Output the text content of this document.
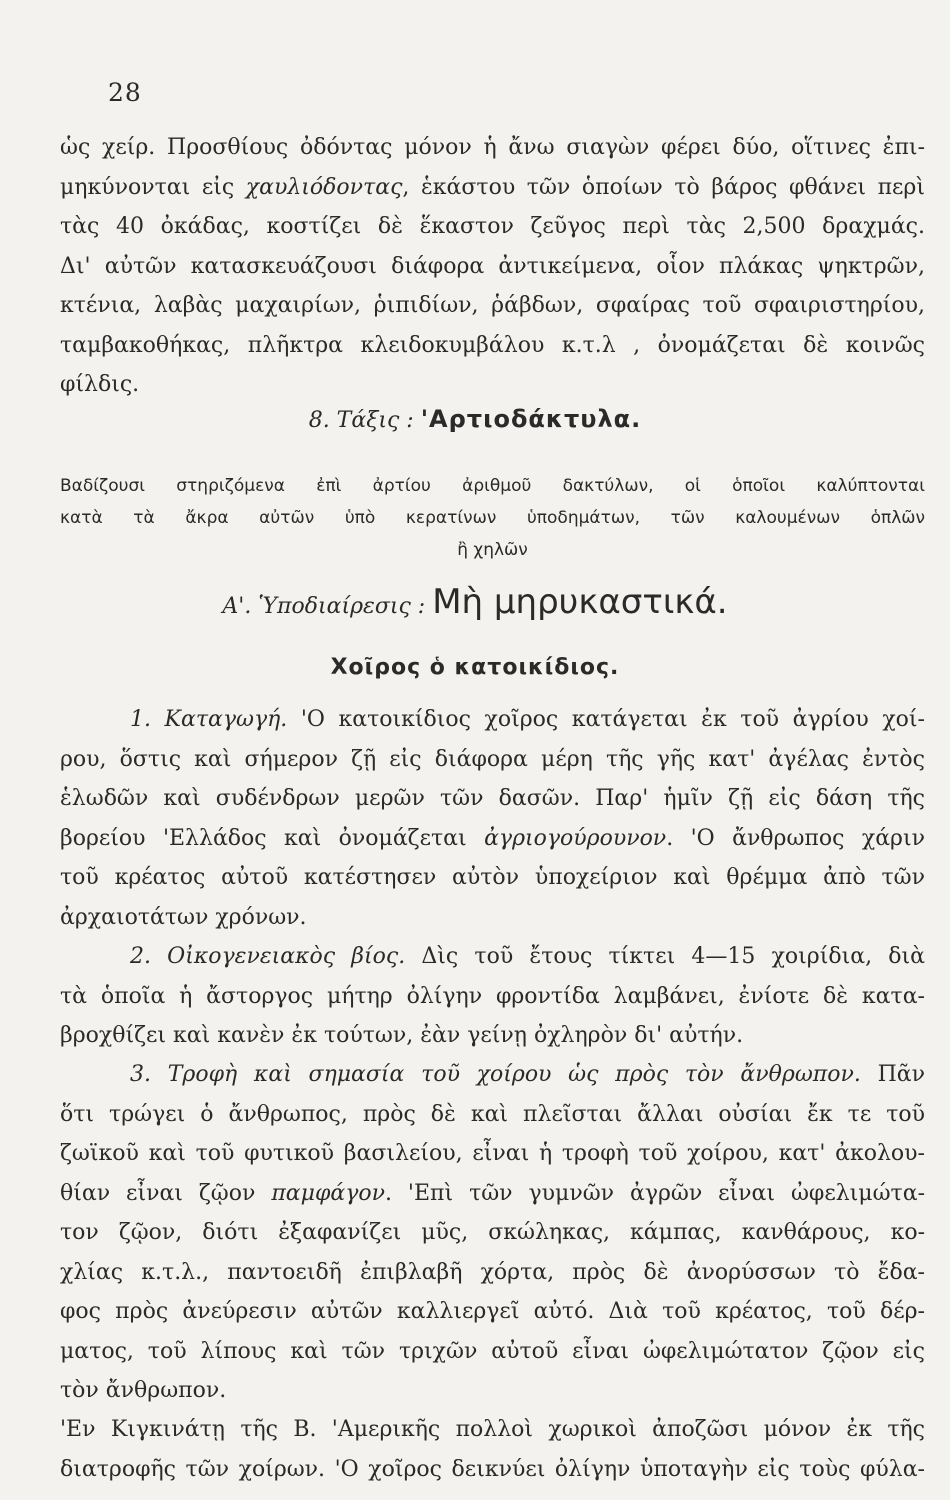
28
ὡς χείρ. Προσθίους ὀδόντας μόνον ἡ ἄνω σιαγὼν φέρει δύο, οἵτινες ἐπι-
μηκύνονται εἰς χαυλιόδοντας, ἑκάστου τῶν ὁποίων τὸ βάρος φθάνει περὶ
τὰς 40 ὀκάδας, κοστίζει δὲ ἕκαστον ζεῦγος περὶ τὰς 2,500 δραχμάς.
Δι' αὐτῶν κατασκευάζουσι διάφορα ἀντικείμενα, οἷον πλάκας ψηκτρῶν,
κτένια, λαβὰς μαχαιρίων, ῥιπιδίων, ῥάβδων, σφαίρας τοῦ σφαιριστηρίου,
ταμβακοθήκας, πλῆκτρα κλειδοκυμβάλου κ.τ.λ , ὀνομάζεται δὲ κοινῶς
φίλδις.
8. Τάξις : 'Αρτιοδάκτυλα.
Βαδίζουσι στηριζόμενα ἐπὶ ἀρτίου ἀριθμοῦ δακτύλων, οἱ ὁποῖοι καλύπτονται
κατὰ τὰ ἄκρα αὐτῶν ὑπὸ κερατίνων ὑποδημάτων, τῶν καλουμένων ὁπλῶν
ἢ χηλῶν
Α'. Ὑποδιαίρεσις : Μὴ μηρυκαστικά.
Χοῖρος ὁ κατοικίδιος.
1. Καταγωγή. 'Ο κατοικίδιος χοῖρος κατάγεται ἐκ τοῦ ἀγρίου χοί-
ρου, ὅστις καὶ σήμερον ζῇ εἰς διάφορα μέρη τῆς γῆς κατ' ἀγέλας ἐντὸς
ἑλωδῶν καὶ συδένδρων μερῶν τῶν δασῶν. Παρ' ἡμῖν ζῇ εἰς δάση τῆς
βορείου 'Ελλάδος καὶ ὀνομάζεται ἀγριογούρουνον. 'Ο ἄνθρωπος χάριν
τοῦ κρέατος αὐτοῦ κατέστησεν αὐτὸν ὑποχείριον καὶ θρέμμα ἀπὸ τῶν
ἀρχαιοτάτων χρόνων.
2. Οἰκογενειακὸς βίος. Δὶς τοῦ ἔτους τίκτει 4—15 χοιρίδια, διὰ
τὰ ὁποῖα ἡ ἄστοργος μήτηρ ὀλίγην φροντίδα λαμβάνει, ἐνίοτε δὲ κατα-
βροχθίζει καὶ κανὲν ἐκ τούτων, ἐὰν γείνῃ ὀχληρὸν δι' αὐτήν.
3. Τροφὴ καὶ σημασία τοῦ χοίρου ὡς πρὸς τὸν ἄνθρωπον. Πᾶν
ὅτι τρώγει ὁ ἄνθρωπος, πρὸς δὲ καὶ πλεῖσται ἄλλαι οὐσίαι ἔκ τε τοῦ
ζωϊκοῦ καὶ τοῦ φυτικοῦ βασιλείου, εἶναι ἡ τροφὴ τοῦ χοίρου, κατ' ἀκολου-
θίαν εἶναι ζῷον παμφάγον. 'Επὶ τῶν γυμνῶν ἀγρῶν εἶναι ὠφελιμώτα-
τον ζῷον, διότι ἐξαφανίζει μῦς, σκώληκας, κάμπας, κανθάρους, κο-
χλίας κ.τ.λ., παντοειδῆ ἐπιβλαβῆ χόρτα, πρὸς δὲ ἀνορύσσων τὸ ἔδα-
φος πρὸς ἀνεύρεσιν αὐτῶν καλλιεργεῖ αὐτό. Διὰ τοῦ κρέατος, τοῦ δέρ-
ματος, τοῦ λίπους καὶ τῶν τριχῶν αὐτοῦ εἶναι ὠφελιμώτατον ζῷον εἰς
τὸν ἄνθρωπον.
'Εν Κιγκινάτῃ τῆς Β. 'Αμερικῆς πολλοὶ χωρικοὶ ἀποζῶσι μόνον ἐκ τῆς
διατροφῆς τῶν χοίρων. 'Ο χοῖρος δεικνύει ὀλίγην ὑποταγὴν εἰς τοὺς φύλα-
